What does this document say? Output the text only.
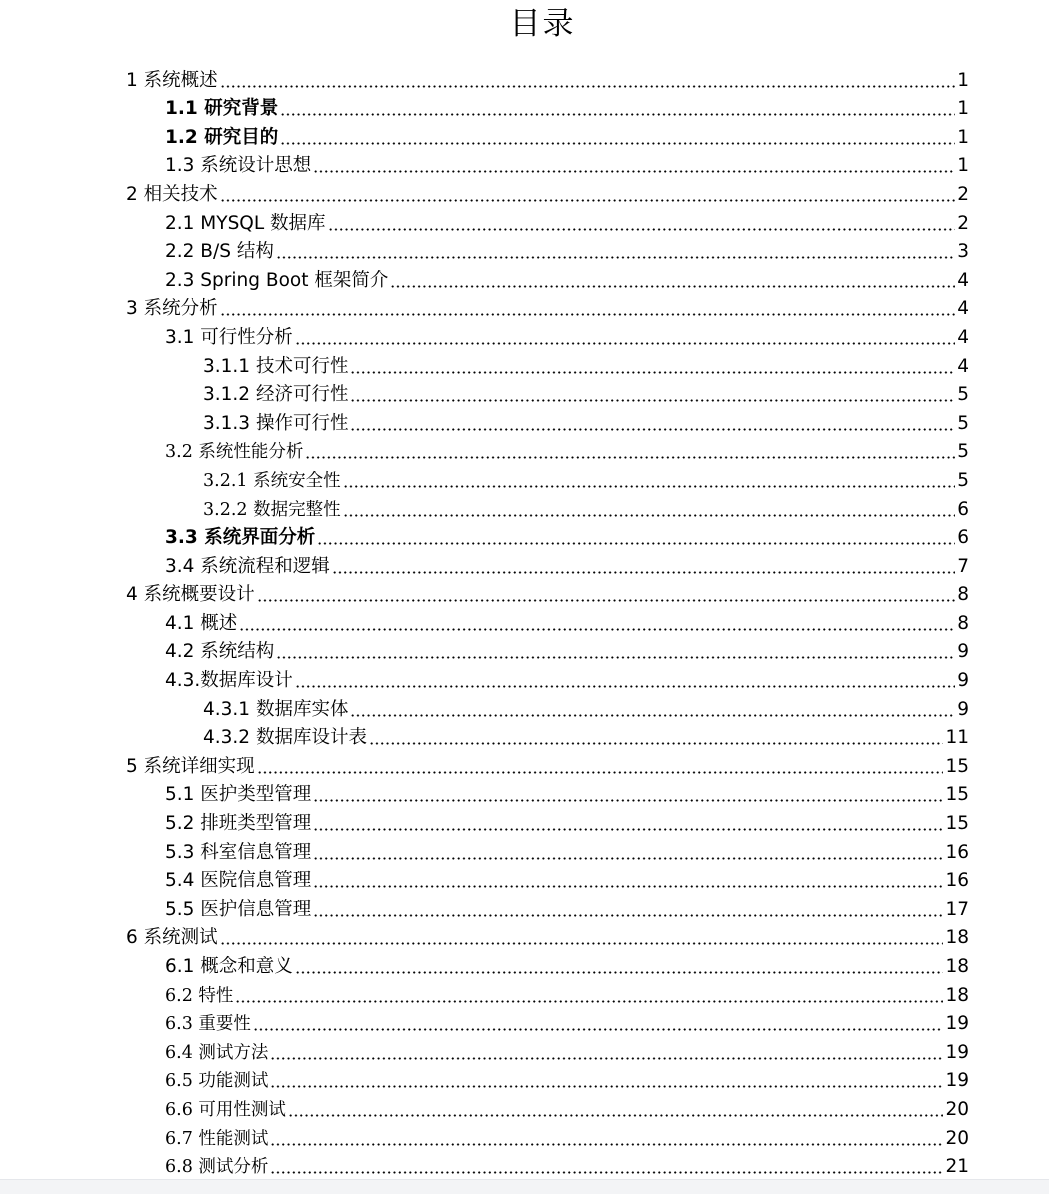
目录
1 系统概述	1
1.1 研究背景	1
1.2 研究目的	1
1.3 系统设计思想	1
2 相关技术	2
2.1 MYSQL 数据库	2
2.2 B/S 结构	3
2.3 Spring Boot 框架简介	4
3 系统分析	4
3.1 可行性分析	4
3.1.1 技术可行性	4
3.1.2 经济可行性	5
3.1.3 操作可行性	5
3.2 系统性能分析	5
3.2.1 系统安全性	5
3.2.2 数据完整性	6
3.3 系统界面分析	6
3.4 系统流程和逻辑	7
4 系统概要设计	8
4.1 概述	8
4.2 系统结构	9
4.3.数据库设计	9
4.3.1 数据库实体	9
4.3.2 数据库设计表	11
5 系统详细实现	15
5.1 医护类型管理	15
5.2 排班类型管理	15
5.3 科室信息管理	16
5.4 医院信息管理	16
5.5 医护信息管理	17
6 系统测试	18
6.1 概念和意义	18
6.2 特性	18
6.3 重要性	19
6.4 测试方法	19
6.5 功能测试	19
6.6 可用性测试	20
6.7 性能测试	20
6.8 测试分析	21
